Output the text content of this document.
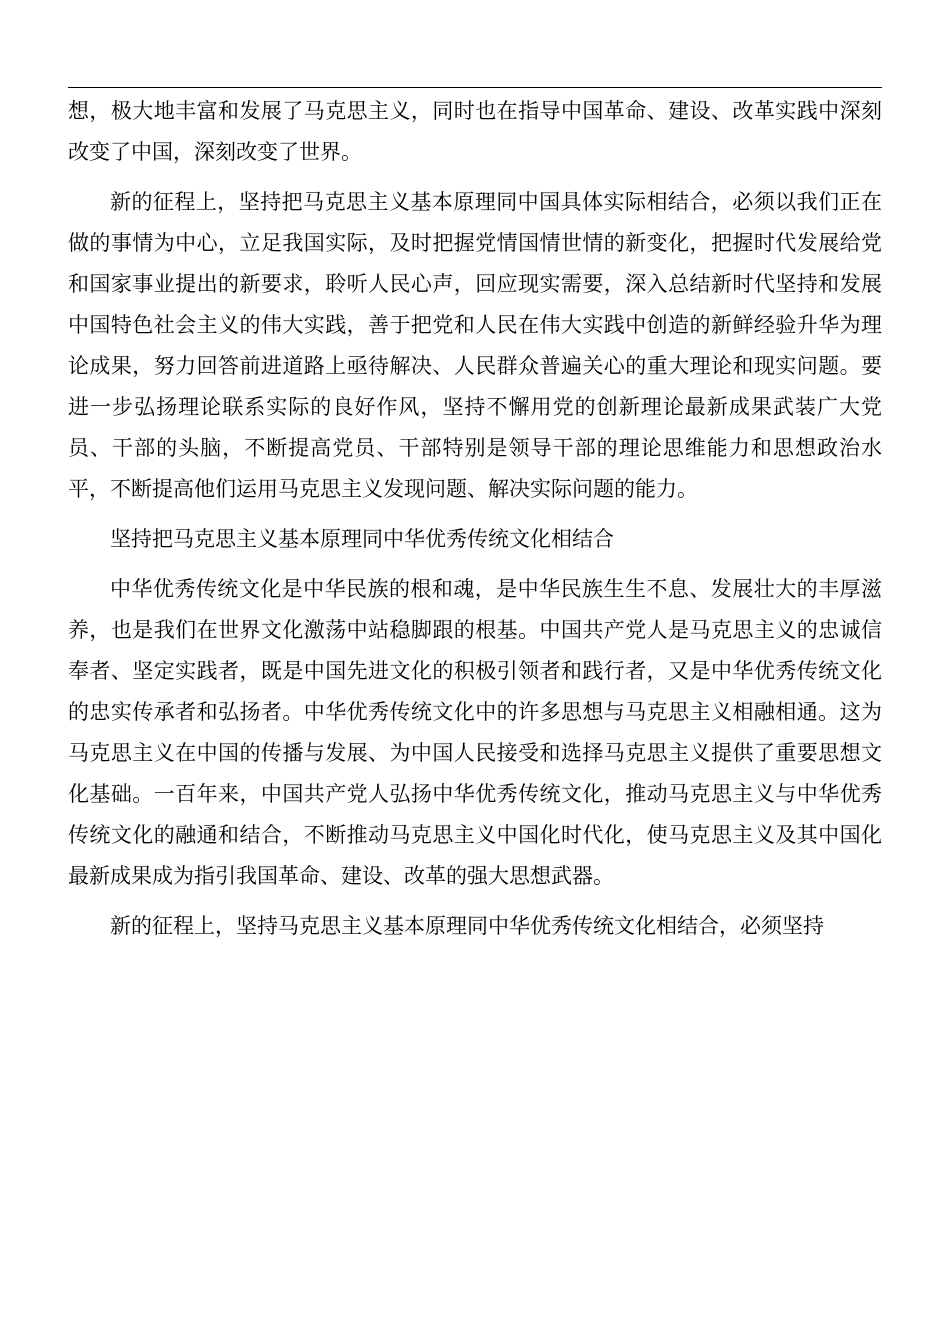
想，极大地丰富和发展了马克思主义，同时也在指导中国革命、建设、改革实践中深刻改变了中国，深刻改变了世界。

新的征程上，坚持把马克思主义基本原理同中国具体实际相结合，必须以我们正在做的事情为中心，立足我国实际，及时把握党情国情世情的新变化，把握时代发展给党和国家事业提出的新要求，聆听人民心声，回应现实需要，深入总结新时代坚持和发展中国特色社会主义的伟大实践，善于把党和人民在伟大实践中创造的新鲜经验升华为理论成果，努力回答前进道路上亟待解决、人民群众普遍关心的重大理论和现实问题。要进一步弘扬理论联系实际的良好作风，坚持不懈用党的创新理论最新成果武装广大党员、干部的头脑，不断提高党员、干部特别是领导干部的理论思维能力和思想政治水平，不断提高他们运用马克思主义发现问题、解决实际问题的能力。

坚持把马克思主义基本原理同中华优秀传统文化相结合

中华优秀传统文化是中华民族的根和魂，是中华民族生生不息、发展壮大的丰厚滋养，也是我们在世界文化激荡中站稳脚跟的根基。中国共产党人是马克思主义的忠诚信奉者、坚定实践者，既是中国先进文化的积极引领者和践行者，又是中华优秀传统文化的忠实传承者和弘扬者。中华优秀传统文化中的许多思想与马克思主义相融相通。这为马克思主义在中国的传播与发展、为中国人民接受和选择马克思主义提供了重要思想文化基础。一百年来，中国共产党人弘扬中华优秀传统文化，推动马克思主义与中华优秀传统文化的融通和结合，不断推动马克思主义中国化时代化，使马克思主义及其中国化最新成果成为指引我国革命、建设、改革的强大思想武器。

新的征程上，坚持马克思主义基本原理同中华优秀传统文化相结合，必须坚持
